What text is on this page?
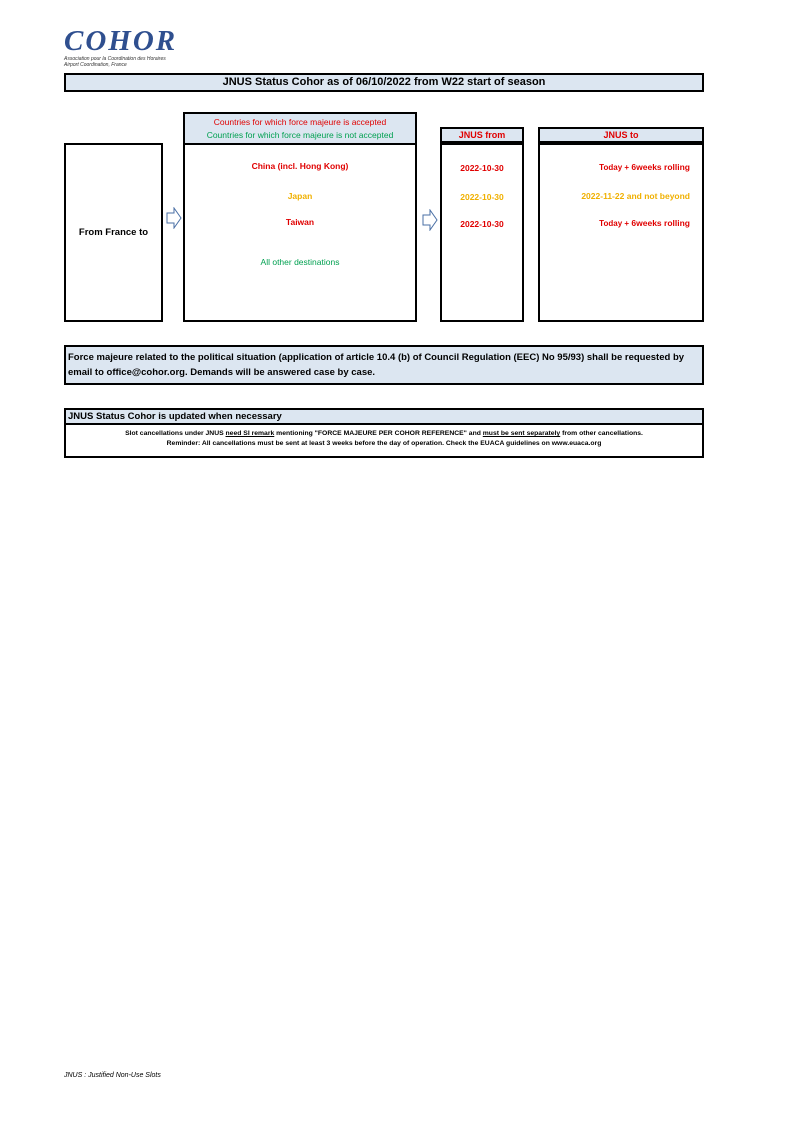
COHOR
Association pour la Coordination des Horaires
Airport Coordination, France
JNUS Status Cohor as of 06/10/2022 from W22 start of season
From France to
Countries for which force majeure is accepted
Countries for which force majeure is not accepted
China (incl. Hong Kong)
Japan
Taiwan
All other destinations
JNUS from
2022-10-30
2022-10-30
2022-10-30
JNUS to
Today + 6weeks rolling
2022-11-22 and not beyond
Today + 6weeks rolling
Force majeure related to the political situation (application of article 10.4 (b) of Council Regulation (EEC) No 95/93) shall be requested by email to office@cohor.org. Demands will be answered case by case.
JNUS Status Cohor is updated when necessary
Slot cancellations under JNUS need SI remark mentioning "FORCE MAJEURE PER COHOR REFERENCE" and must be sent separately from other cancellations.
Reminder: All cancellations must be sent at least 3 weeks before the day of operation. Check the EUACA guidelines on www.euaca.org
JNUS : Justified Non-Use Slots
